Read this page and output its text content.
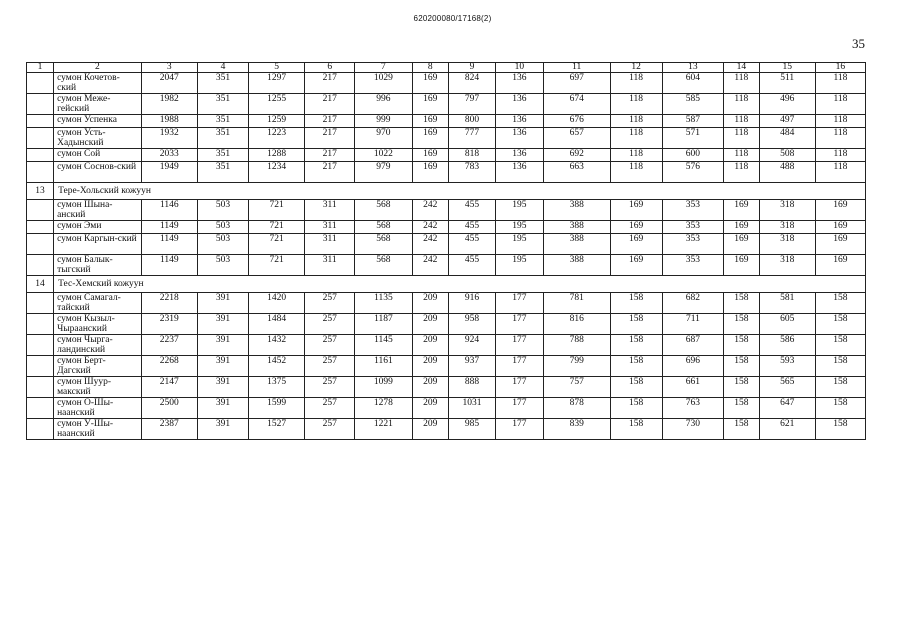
620200080/17168(2)
35
1	2	3	4	5	6	7	8	9	10	11	12	13	14	15	16
	сумон Кочетов-ский	2047	351	1297	217	1029	169	824	136	697	118	604	118	511	118
	сумон Меже-гейский	1982	351	1255	217	996	169	797	136	674	118	585	118	496	118
	сумон Успенка	1988	351	1259	217	999	169	800	136	676	118	587	118	497	118
	сумон Усть-Хадынский	1932	351	1223	217	970	169	777	136	657	118	571	118	484	118
	сумон Сой	2033	351	1288	217	1022	169	818	136	692	118	600	118	508	118
	сумон Соснов-ский	1949	351	1234	217	979	169	783	136	663	118	576	118	488	118
13	Тере-Хольский кожуун														
	сумон Шына-анский	1146	503	721	311	568	242	455	195	388	169	353	169	318	169
	сумон Эми	1149	503	721	311	568	242	455	195	388	169	353	169	318	169
	сумон Каргын-ский	1149	503	721	311	568	242	455	195	388	169	353	169	318	169
	сумон Балык-тыгский	1149	503	721	311	568	242	455	195	388	169	353	169	318	169
14	Тес-Хемский кожуун														
	сумон Самагал-тайский	2218	391	1420	257	1135	209	916	177	781	158	682	158	581	158
	сумон Кызыл-Чыраанский	2319	391	1484	257	1187	209	958	177	816	158	711	158	605	158
	сумон Чырга-ландинский	2237	391	1432	257	1145	209	924	177	788	158	687	158	586	158
	сумон Берт-Дагский	2268	391	1452	257	1161	209	937	177	799	158	696	158	593	158
	сумон Шуур-макский	2147	391	1375	257	1099	209	888	177	757	158	661	158	565	158
	сумон О-Шы-наанский	2500	391	1599	257	1278	209	1031	177	878	158	763	158	647	158
	сумон У-Шы-наанский	2387	391	1527	257	1221	209	985	177	839	158	730	158	621	158
